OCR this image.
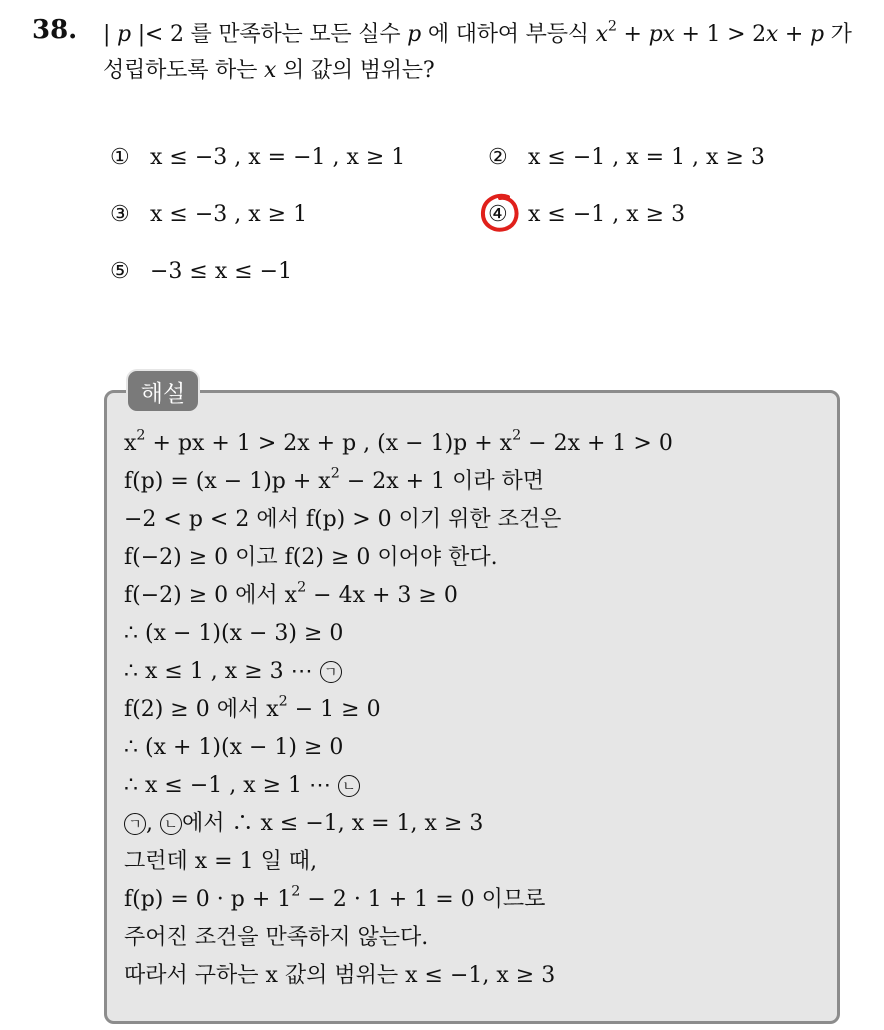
38. | p |< 2 를 만족하는 모든 실수 p 에 대하여 부등식 $x^2$ + px + 1 > 2x + p 가 성립하도록 하는 x 의 값의 범위는?
① x ≤ −3 , x = −1 , x ≥ 1	② x ≤ −1 , x = 1 , x ≥ 3
③ x ≤ −3 , x ≥ 1	④ x ≤ −1 , x ≥ 3
⑤ −3 ≤ x ≤ −1
해설
$x^2$ + px + 1 > 2x + p , $(x - 1)p + x^2 - 2x + 1 > 0$
$f(p) = (x - 1)p + x^2 - 2x + 1$ 이라 하면
−2 < p < 2 에서 f(p) > 0 이기 위한 조건은
f(−2) ≥ 0 이고 f(2) ≥ 0 이어야 한다.
f(−2) ≥ 0 에서 $x^2 - 4x + 3 \ge 0$
∴ (x − 1)(x − 3) ≥ 0
∴ x ≤ 1 , x ≥ 3 ⋯ ㄱ
f(2) ≥ 0 에서 $x^2 - 1 \ge 0$
∴ (x + 1)(x − 1) ≥ 0
∴ x ≤ −1 , x ≥ 1 ⋯ ㄴ
ㄱ , ㄴ 에서 ∴ x ≤ −1, x = 1, x ≥ 3
그런데 x = 1 일 때,
$f(p) = 0 \cdot p + 1^2 - 2 \cdot 1 + 1 = 0$ 이므로
주어진 조건을 만족하지 않는다.
따라서 구하는 x 값의 범위는 x ≤ −1, x ≥ 3
